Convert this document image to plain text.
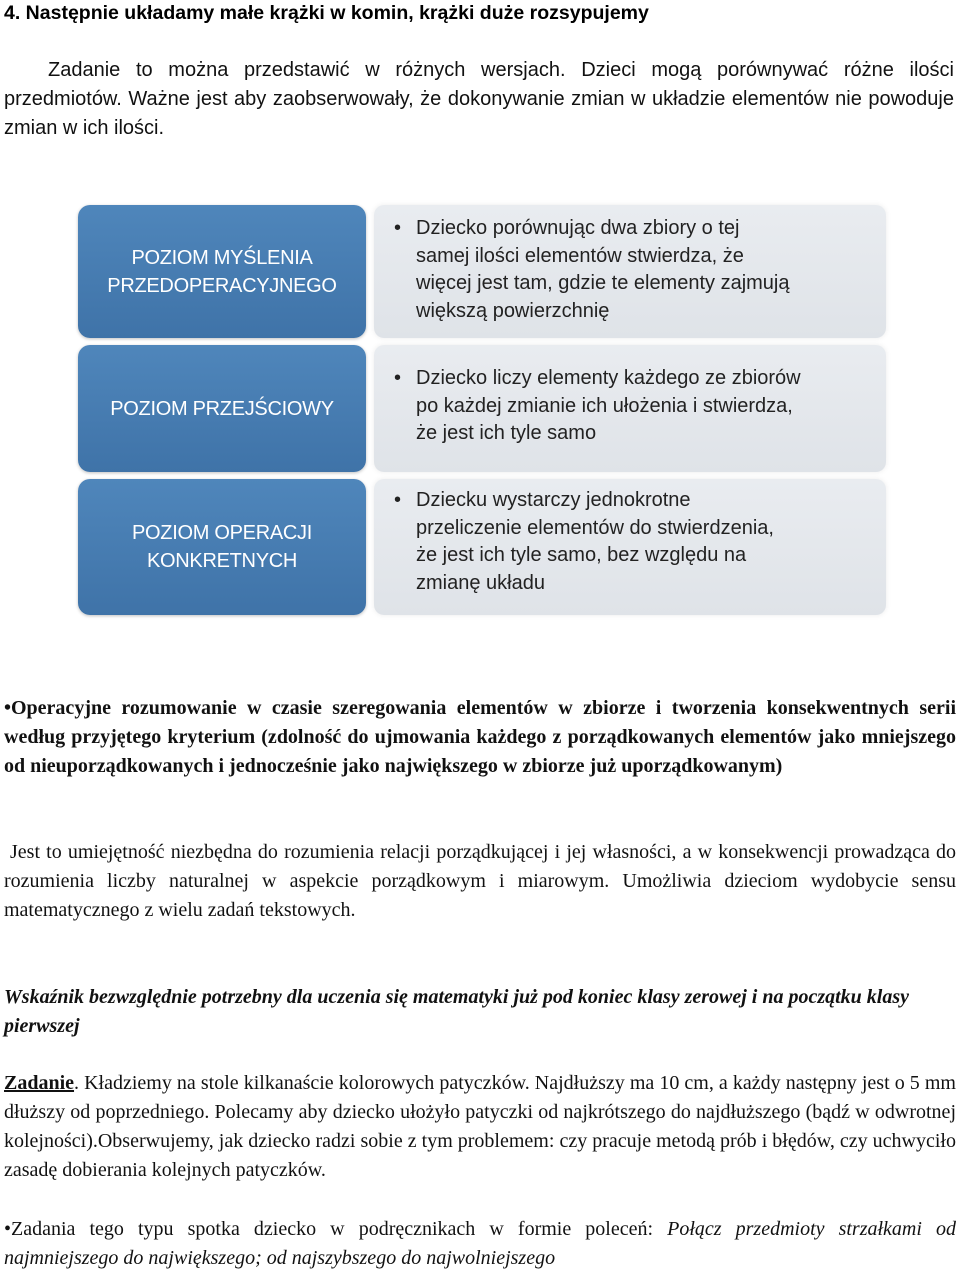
4. Następnie układamy małe krążki w komin, krążki duże rozsypujemy
Zadanie to można przedstawić w różnych wersjach. Dzieci mogą porównywać różne ilości przedmiotów. Ważne jest aby zaobserwowały, że dokonywanie zmian w układzie elementów nie powoduje zmian w ich ilości.
• Dziecko porównując dwa zbiory o tej
samej ilości elementów stwierdza, że
więcej jest tam, gdzie te elementy zajmują
większą powierzchnię
POZIOM MYŚLENIA
PRZEDOPERACYJNEGO
• Dziecko liczy elementy każdego ze zbiorów
po każdej zmianie ich ułożenia i stwierdza,
że jest ich tyle samo
POZIOM PRZEJŚCIOWY
• Dziecku wystarczy jednokrotne
przeliczenie elementów do stwierdzenia,
że jest ich tyle samo, bez względu na
zmianę układu
POZIOM OPERACJI
KONKRETNYCH
•Operacyjne rozumowanie w czasie szeregowania elementów w zbiorze i tworzenia konsekwentnych serii według przyjętego kryterium (zdolność do ujmowania każdego z porządkowanych elementów jako mniejszego od nieuporządkowanych i jednocześnie jako największego w zbiorze już uporządkowanym)
Jest to umiejętność niezbędna do rozumienia relacji porządkującej i jej własności, a w konsekwencji prowadząca do rozumienia liczby naturalnej w aspekcie porządkowym i miarowym. Umożliwia dzieciom wydobycie sensu matematycznego z wielu zadań tekstowych.
Wskaźnik bezwzględnie potrzebny dla uczenia się matematyki już pod koniec klasy zerowej i na początku klasy pierwszej
Zadanie. Kładziemy na stole kilkanaście kolorowych patyczków. Najdłuższy ma 10 cm, a każdy następny jest o 5 mm dłuższy od poprzedniego. Polecamy aby dziecko ułożyło patyczki od najkrótszego do najdłuższego (bądź w odwrotnej kolejności).Obserwujemy, jak dziecko radzi sobie z tym problemem: czy pracuje metodą prób i błędów, czy uchwyciło zasadę dobierania kolejnych patyczków.
•Zadania tego typu spotka dziecko w podręcznikach w formie poleceń: Połącz przedmioty strzałkami od najmniejszego do największego; od najszybszego do najwolniejszego
